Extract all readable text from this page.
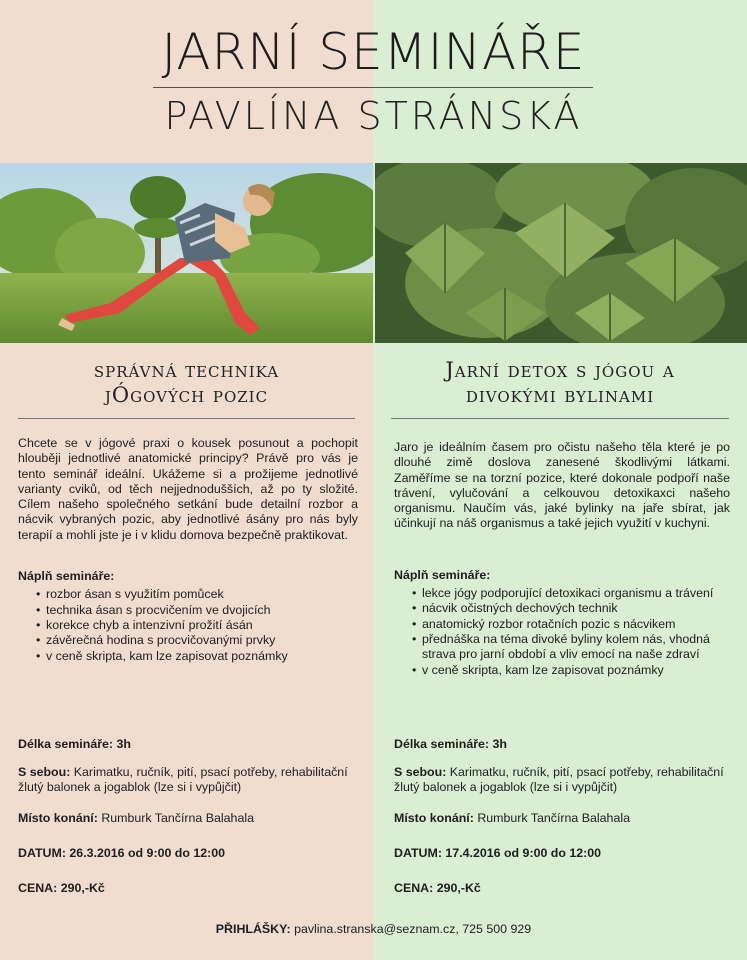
JARNÍ SEMINÁŘE
PAVLÍNA STRÁNSKÁ
správná technika
jÓgových pozic
Jarní detox s jógou a
divokými bylinami

Chcete se v jógové praxi o kousek posunout a pochopit hlouběji jednotlivé anatomické principy? Právě pro vás je tento seminář ideální. Ukážeme si a prožijeme jednotlivé varianty cviků, od těch nejjednodušších, až po ty složité. Cílem našeho společného setkání bude detailní rozbor a nácvik vybraných pozic, aby jednotlivé ásány pro nás byly terapií a mohli jste je i v klidu domova bezpečně praktikovat.

Náplň semináře:
• rozbor ásan s využitím pomůcek
• technika ásan s procvičením ve dvojicích
• korekce chyb a intenzivní prožití ásán
• závěrečná hodina s procvičovanými prvky
• v ceně skripta, kam lze zapisovat poznámky

Jaro je ideálním časem pro očistu našeho těla které je po dlouhé zimě doslova zanesené škodlivými látkami. Zaměříme se na torzní pozice, které dokonale podpoří naše trávení, vylučování a celkouvou detoxikaxci našeho organismu. Naučím vás, jaké bylinky na jaře sbírat, jak účinkují na náš organismus a také jejich využití v kuchyni.

Náplň semináře:
• lekce jógy podporující detoxikaci organismu a trávení
• nácvik očistných dechových technik
• anatomický rozbor rotačních pozic s nácvikem
• přednáška na téma divoké byliny kolem nás, vhodná strava pro jarní období a vliv emocí na naše zdraví
• v ceně skripta, kam lze zapisovat poznámky
Délka semináře: 3h
S sebou: Karimatku, ručník, pití, psací potřeby, rehabilitační žlutý balonek a jogablok (lze si i vypůjčit)
Místo konání: Rumburk Tančírna Balahala
DATUM: 26.3.2016 od 9:00 do 12:00
CENA: 290,-Kč
Délka semináře: 3h
S sebou: Karimatku, ručník, pití, psací potřeby, rehabilitační žlutý balonek a jogablok (lze si i vypůjčit)
Místo konání: Rumburk Tančírna Balahala
DATUM: 17.4.2016 od 9:00 do 12:00
CENA: 290,-Kč
PŘIHLÁŠKY: pavlina.stranska@seznam.cz, 725 500 929
